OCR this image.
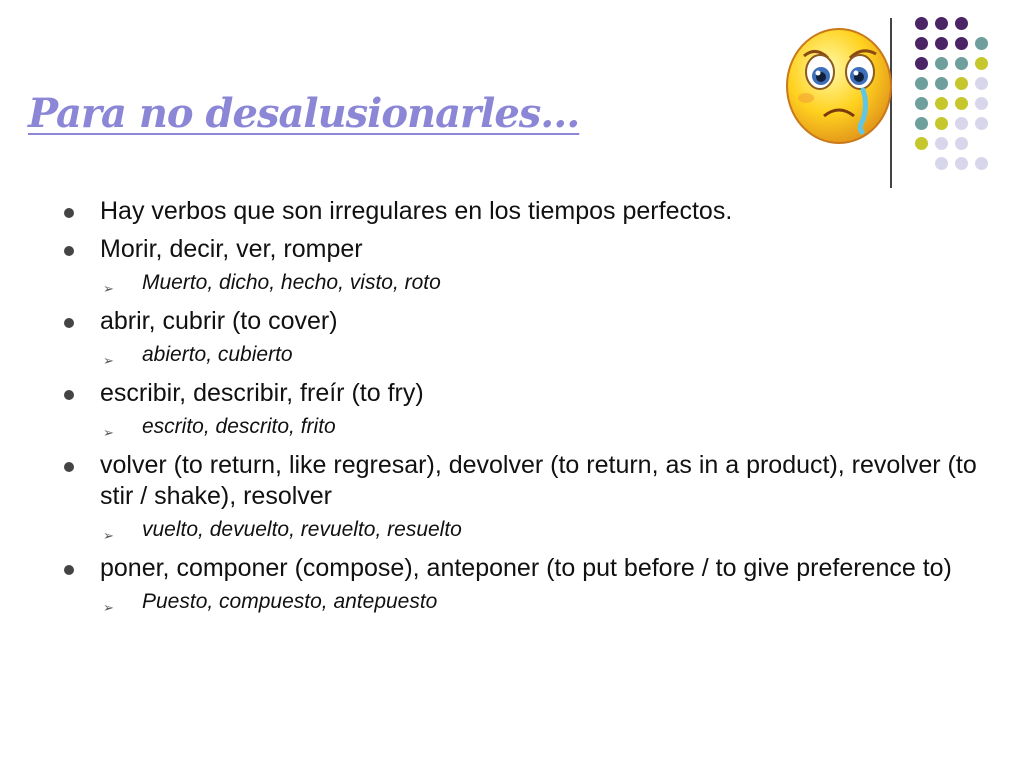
Para no desalusionarles…
Hay verbos que son irregulares en los tiempos perfectos.
Morir, decir, ver, romper
➢ Muerto, dicho, hecho, visto, roto
abrir, cubrir (to cover)
➢ abierto, cubierto
escribir, describir, freír (to fry)
➢ escrito, descrito, frito
volver (to return, like regresar), devolver (to return, as in a product), revolver (to stir / shake), resolver
➢ vuelto, devuelto, revuelto, resuelto
poner, componer (compose), anteponer (to put before / to give preference to)
➢ Puesto, compuesto, antepuesto
